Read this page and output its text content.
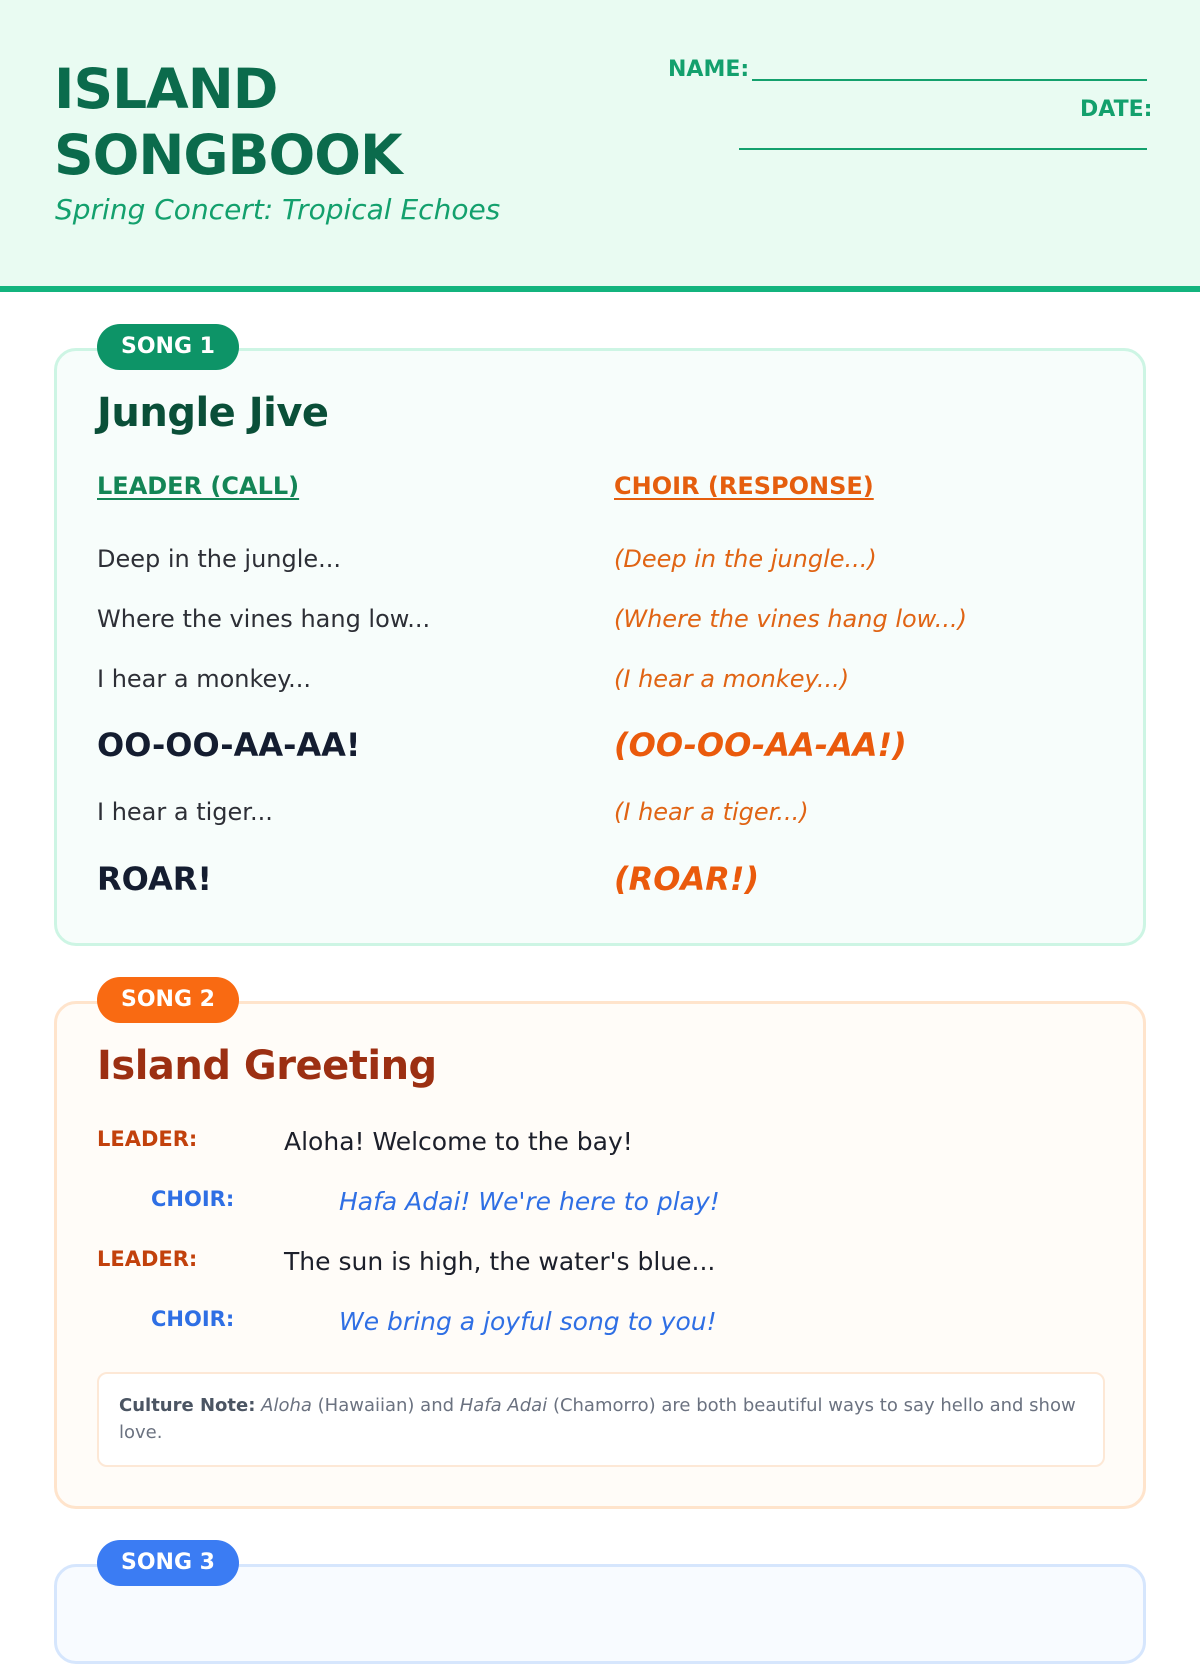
ISLAND
SONGBOOK
Spring Concert: Tropical Echoes
NAME:
DATE:
SONG 1
Jungle Jive
LEADER (CALL)	CHOIR (RESPONSE)
Deep in the jungle...	(Deep in the jungle...)
Where the vines hang low...	(Where the vines hang low...)
I hear a monkey...	(I hear a monkey...)
OO-OO-AA-AA!	(OO-OO-AA-AA!)
I hear a tiger...	(I hear a tiger...)
ROAR!	(ROAR!)
SONG 2
Island Greeting
LEADER:	Aloha! Welcome to the bay!
CHOIR:	Hafa Adai! We're here to play!
LEADER:	The sun is high, the water's blue...
CHOIR:	We bring a joyful song to you!
Culture Note: Aloha (Hawaiian) and Hafa Adai (Chamorro) are both beautiful ways to say hello and show love.
SONG 3
